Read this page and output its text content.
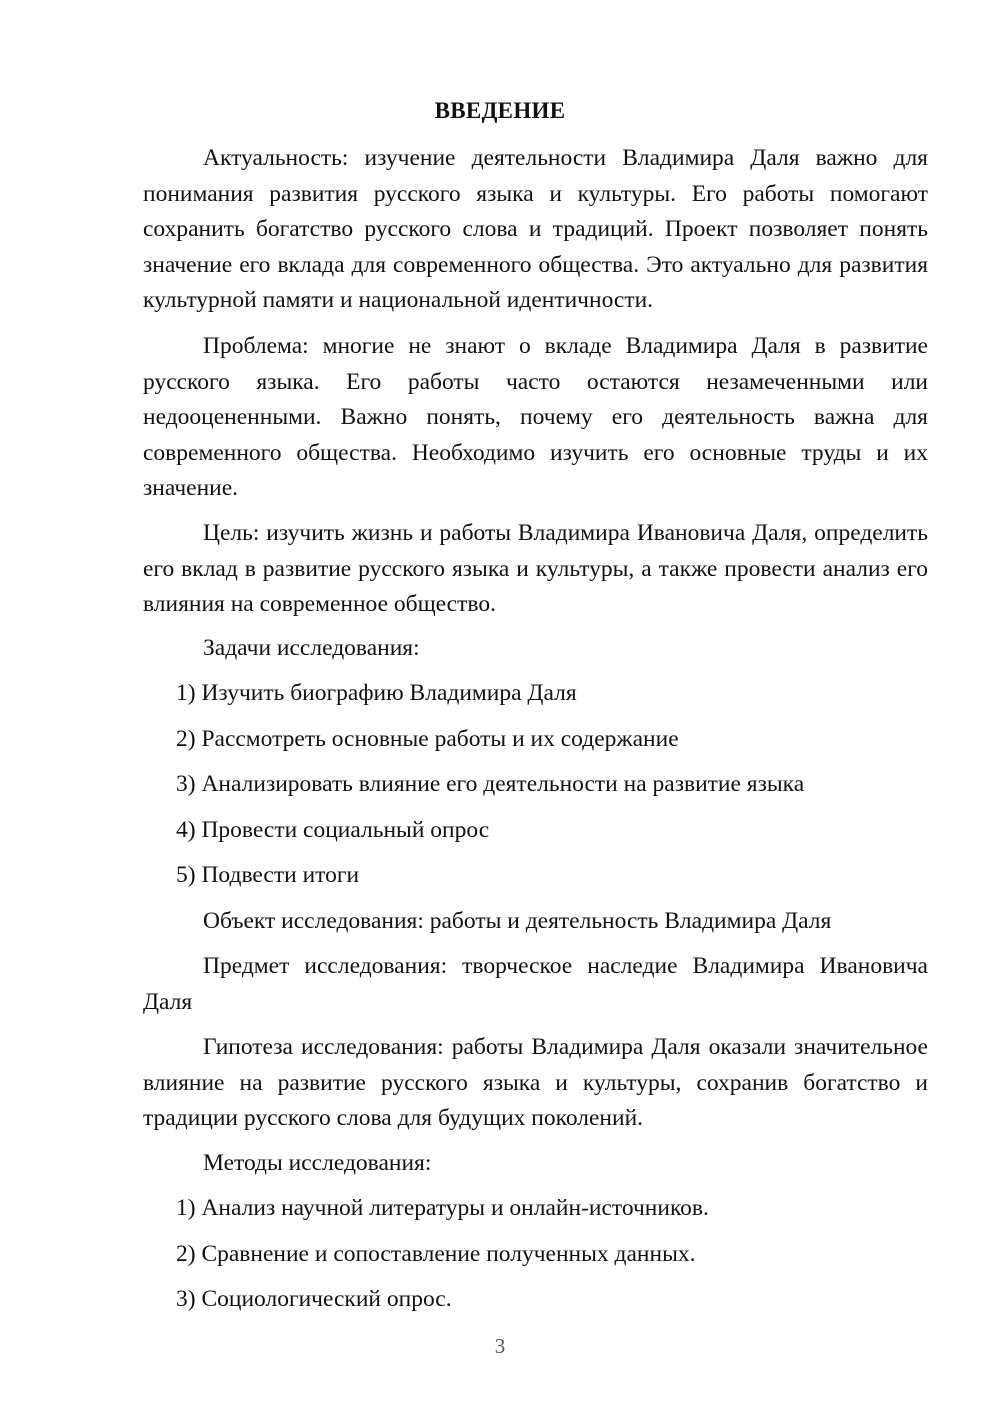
ВВЕДЕНИЕ

Актуальность: изучение деятельности Владимира Даля важно для понимания развития русского языка и культуры. Его работы помогают сохранить богатство русского слова и традиций. Проект позволяет понять значение его вклада для современного общества. Это актуально для развития культурной памяти и национальной идентичности.

Проблема: многие не знают о вкладе Владимира Даля в развитие русского языка. Его работы часто остаются незамеченными или недооцененными. Важно понять, почему его деятельность важна для современного общества. Необходимо изучить его основные труды и их значение.

Цель: изучить жизнь и работы Владимира Ивановича Даля, определить его вклад в развитие русского языка и культуры, а также провести анализ его влияния на современное общество.

Задачи исследования:
1) Изучить биографию Владимира Даля
2) Рассмотреть основные работы и их содержание
3) Анализировать влияние его деятельности на развитие языка
4) Провести социальный опрос
5) Подвести итоги
Объект исследования: работы и деятельность Владимира Даля

Предмет исследования: творческое наследие Владимира Ивановича Даля

Гипотеза исследования: работы Владимира Даля оказали значительное влияние на развитие русского языка и культуры, сохранив богатство и традиции русского слова для будущих поколений.

Методы исследования:
1) Анализ научной литературы и онлайн-источников.
2) Сравнение и сопоставление полученных данных.
3) Социологический опрос.
3
